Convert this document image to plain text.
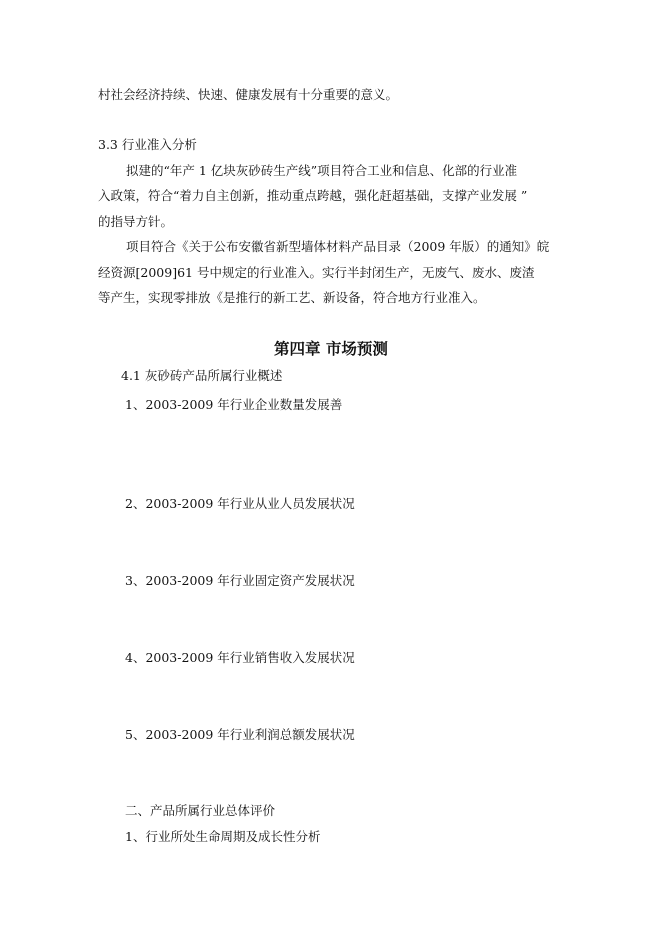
村社会经济持续、快速、健康发展有十分重要的意义。
3.3 行业准入分析
拟建的“年产 1 亿块灰砂砖生产线”项目符合工业和信息、化部的行业准
入政策，符合“着力自主创新，推动重点跨越，强化赶超基础，支撑产业发展 ”
的指导方针。
项目符合《关于公布安徽省新型墙体材料产品目录（2009 年版）的通知》皖
经资源[2009]61 号中规定的行业准入。实行半封闭生产，无废气、废水、废渣
等产生，实现零排放《是推行的新工艺、新设备，符合地方行业准入。
第四章 市场预测
4.1 灰砂砖产品所属行业概述
1、2003-2009 年行业企业数量发展善
2、2003-2009 年行业从业人员发展状况
3、2003-2009 年行业固定资产发展状况
4、2003-2009 年行业销售收入发展状况
5、2003-2009 年行业利润总额发展状况
二、产品所属行业总体评价
1、行业所处生命周期及成长性分析
